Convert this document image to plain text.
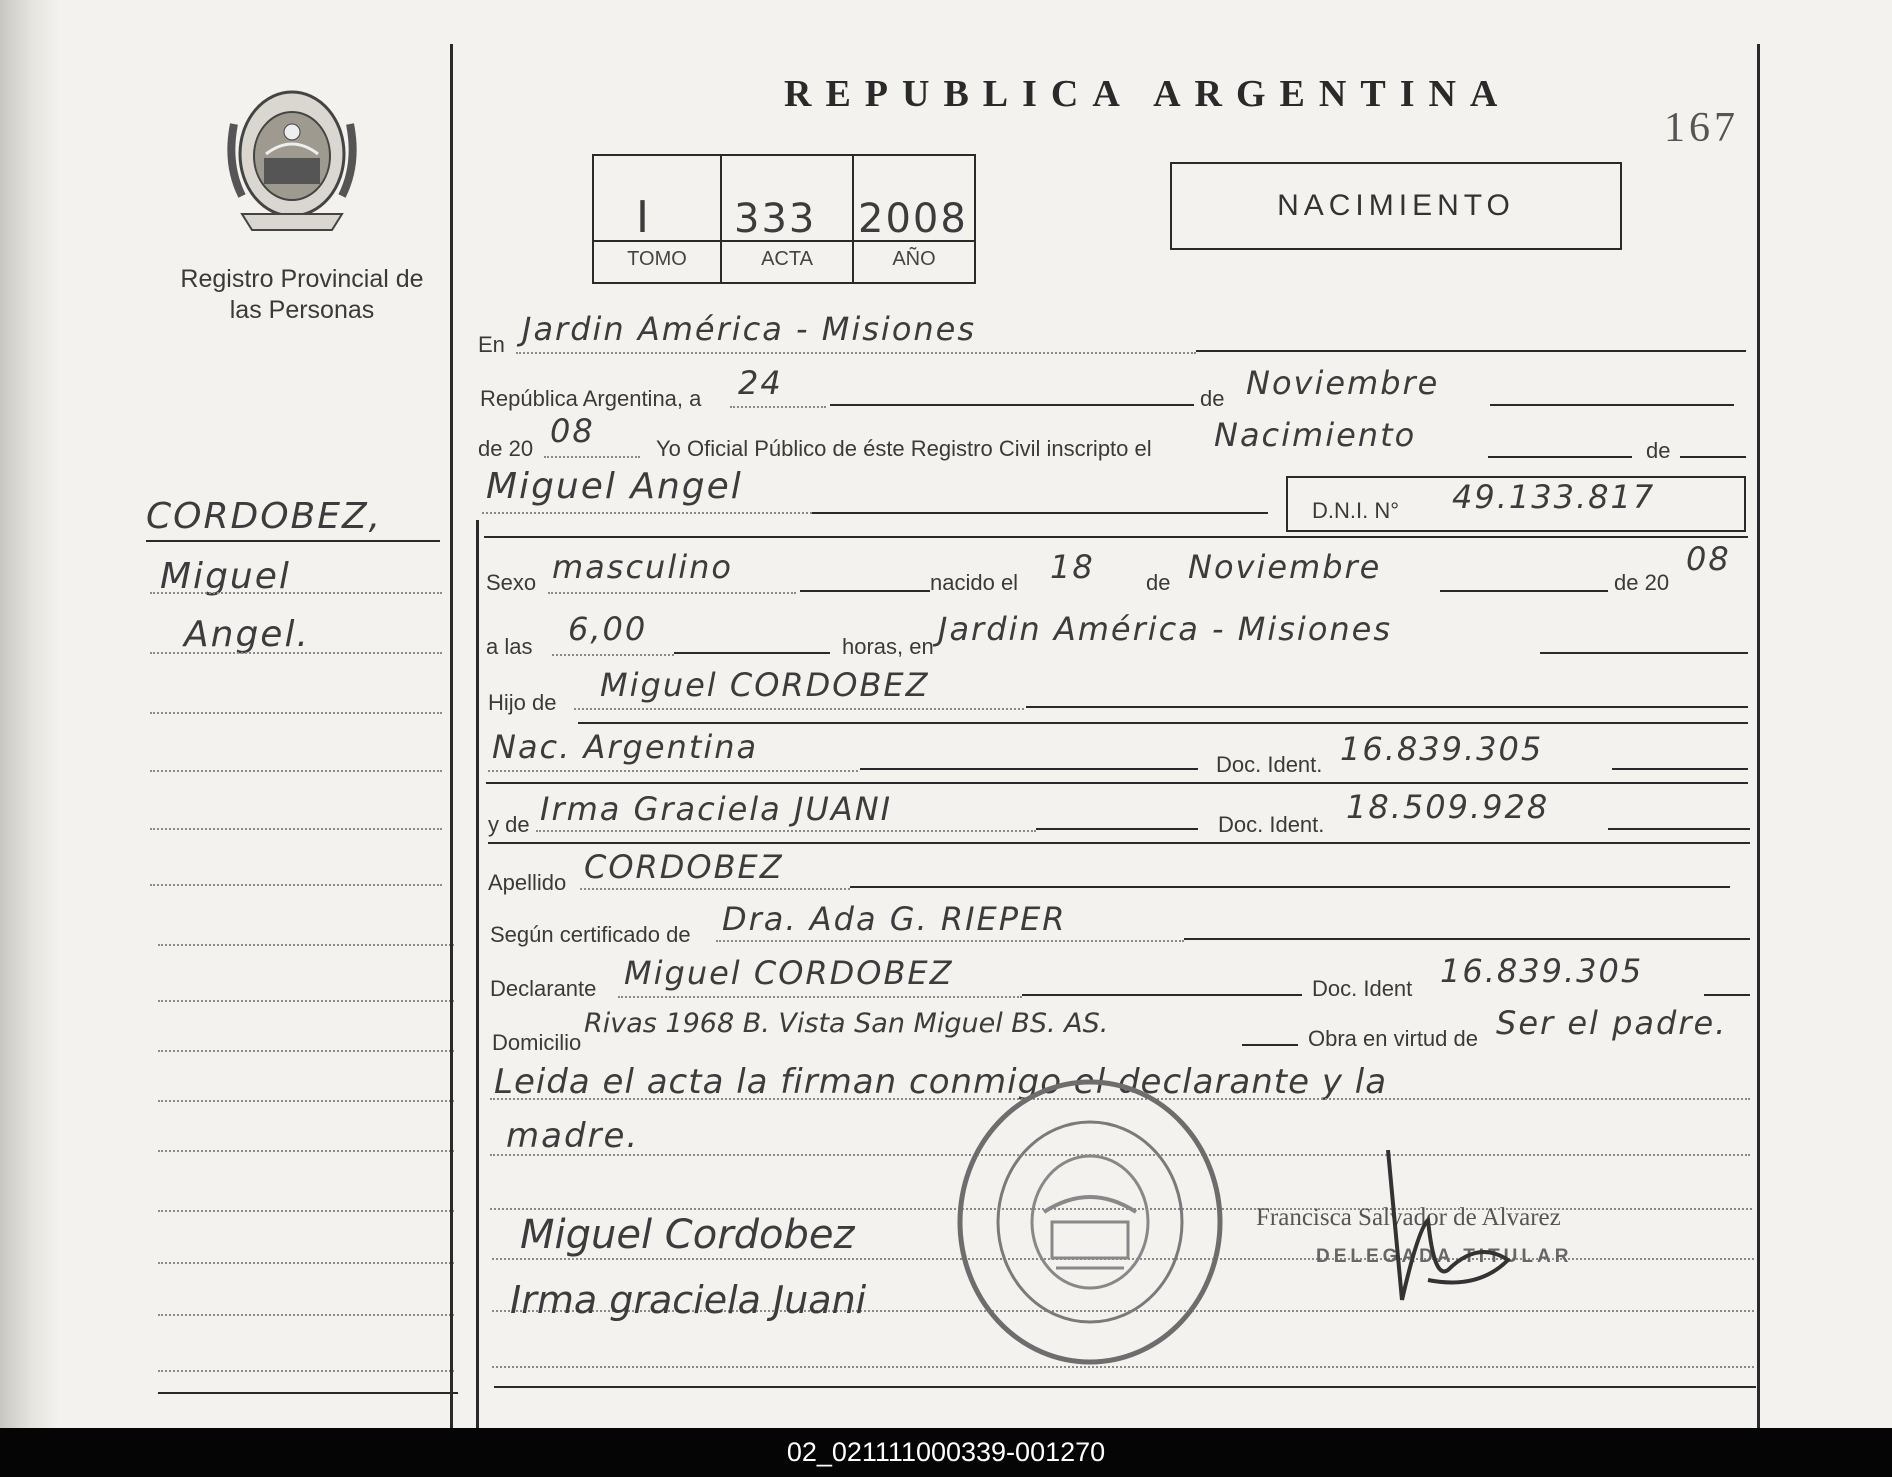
Registro Provincial de las Personas
CORDOBEZ,
Miguel
Angel.
REPUBLICA ARGENTINA
167
I 333 2008
TOMO	ACTA	AÑO
NACIMIENTO
En Jardin América - Misiones
República Argentina, a 24	de Noviembre
de 20 08	Yo Oficial Público de éste Registro Civil inscripto el Nacimiento	de
Miguel Angel
D.N.I. N° 49.133.817
Sexo masculino	nacido el 18 de Noviembre	de 20
08
a las 6,00	horas, en Jardin América - Misiones
Hijo de Miguel CORDOBEZ
Nac. Argentina	Doc. Ident. 16.839.305
y de Irma Graciela JUANI	Doc. Ident. 18.509.928
Apellido CORDOBEZ
Según certificado de Dra. Ada G. RIEPER
Declarante Miguel CORDOBEZ	Doc. Ident 16.839.305
Domicilio
Rivas 1968 B. Vista San Miguel BS. AS.	Obra en virtud de Ser el padre.
Leida el acta la firman conmigo el declarante y la
madre.
Miguel Cordobez
Irma graciela Juani
Francisca Salvador de Alvarez
DELEGADA TITULAR
02_021111000339-001270
